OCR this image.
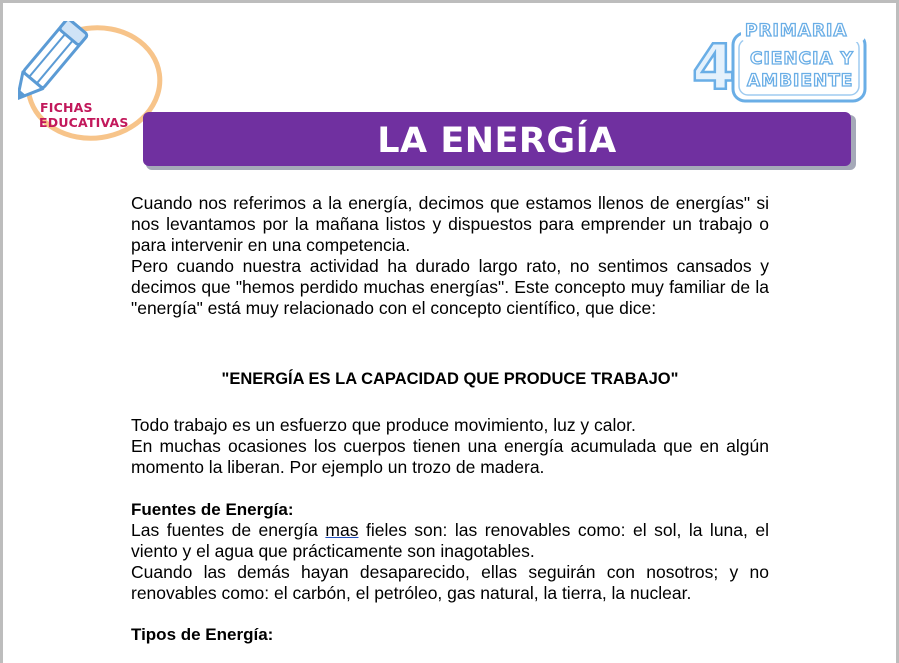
FICHAS
EDUCATIVAS
4 PRIMARIA
CIENCIA Y
AMBIENTE
LA ENERGÍA

Cuando nos referimos a la energía, decimos que estamos llenos de energías" si nos levantamos por la mañana listos y dispuestos para emprender un trabajo o para intervenir en una competencia.

Pero cuando nuestra actividad ha durado largo rato, no sentimos cansados y decimos que "hemos perdido muchas energías". Este concepto muy familiar de la "energía" está muy relacionado con el concepto científico, que dice:

"ENERGÍA ES LA CAPACIDAD QUE PRODUCE TRABAJO"

Todo trabajo es un esfuerzo que produce movimiento, luz y calor.

En muchas ocasiones los cuerpos tienen una energía acumulada que en algún momento la liberan. Por ejemplo un trozo de madera.

Fuentes de Energía:

Las fuentes de energía mas fieles son: las renovables como: el sol, la luna, el viento y el agua que prácticamente son inagotables.

Cuando las demás hayan desaparecido, ellas seguirán con nosotros; y no renovables como: el carbón, el petróleo, gas natural, la tierra, la nuclear.

Tipos de Energía:
